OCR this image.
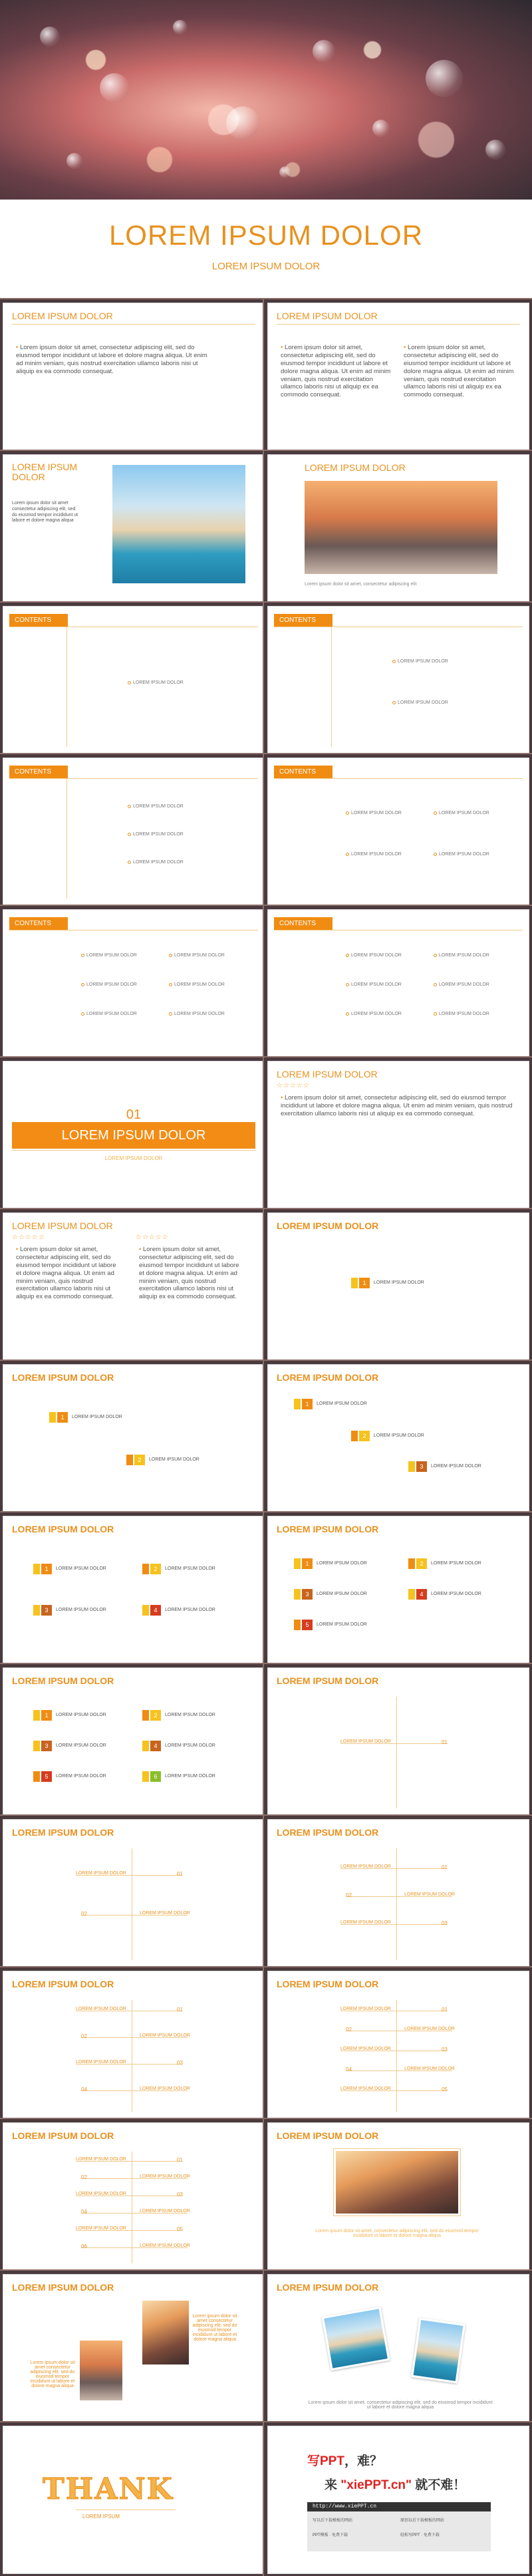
LOREM IPSUM DOLOR
LOREM IPSUM DOLOR
LOREM IPSUM DOLOR
• Lorem ipsum dolor sit amet, consectetur adipiscing elit, sed do eiusmod tempor incididunt ut labore et dolore magna aliqua. Ut enim ad minim veniam, quis nostrud exercitation ullamco laboris nisi ut aliquip ex ea commodo consequat.
LOREM IPSUM DOLOR
• Lorem ipsum dolor sit amet, consectetur adipiscing elit, sed do eiusmod tempor incididunt ut labore et dolore magna aliqua. Ut enim ad minim veniam, quis nostrud exercitation ullamco laboris nisi ut aliquip ex ea commodo consequat.
• Lorem ipsum dolor sit amet, consectetur adipiscing elit, sed do eiusmod tempor incididunt ut labore et dolore magna aliqua. Ut enim ad minim veniam, quis nostrud exercitation ullamco laboris nisi ut aliquip ex ea commodo consequat.
LOREM IPSUM DOLOR
Lorem ipsum dolor sit amet consectetur adipiscing elit, sed do eiusmod tempor incididunt ut labore et dolore magna aliqua
LOREM IPSUM DOLOR
Lorem ipsum dolor sit amet, consectetur adipiscing elit
CONTENTS
LOREM IPSUM DOLOR
CONTENTS
LOREM IPSUM DOLOR
LOREM IPSUM DOLOR
CONTENTS
LOREM IPSUM DOLOR
LOREM IPSUM DOLOR
LOREM IPSUM DOLOR
CONTENTS
LOREM IPSUM DOLOR	LOREM IPSUM DOLOR
LOREM IPSUM DOLOR	LOREM IPSUM DOLOR
CONTENTS
LOREM IPSUM DOLOR	LOREM IPSUM DOLOR
LOREM IPSUM DOLOR	LOREM IPSUM DOLOR
LOREM IPSUM DOLOR	LOREM IPSUM DOLOR
CONTENTS
LOREM IPSUM DOLOR	LOREM IPSUM DOLOR
LOREM IPSUM DOLOR	LOREM IPSUM DOLOR
LOREM IPSUM DOLOR	LOREM IPSUM DOLOR
01
LOREM IPSUM DOLOR
LOREM IPSUM DOLOR
LOREM IPSUM DOLOR
☆☆☆☆☆
• Lorem ipsum dolor sit amet, consectetur adipiscing elit, sed do eiusmod tempor incididunt ut labore et dolore magna aliqua. Ut enim ad minim veniam, quis nostrud exercitation ullamco laboris nisi ut aliquip ex ea commodo consequat.
LOREM IPSUM DOLOR
☆☆☆☆☆	☆☆☆☆☆
• Lorem ipsum dolor sit amet, consectetur adipiscing elit, sed do eiusmod tempor incididunt ut labore et dolore magna aliqua. Ut enim ad minim veniam, quis nostrud exercitation ullamco laboris nisi ut aliquip ex ea commodo consequat.
• Lorem ipsum dolor sit amet, consectetur adipiscing elit, sed do eiusmod tempor incididunt ut labore et dolore magna aliqua. Ut enim ad minim veniam, quis nostrud exercitation ullamco laboris nisi ut aliquip ex ea commodo consequat.
LOREM IPSUM DOLOR
1	LOREM IPSUM DOLOR
LOREM IPSUM DOLOR
1	LOREM IPSUM DOLOR
2	LOREM IPSUM DOLOR
LOREM IPSUM DOLOR
1	LOREM IPSUM DOLOR
2	LOREM IPSUM DOLOR
3	LOREM IPSUM DOLOR
LOREM IPSUM DOLOR
1	LOREM IPSUM DOLOR	2	LOREM IPSUM DOLOR
3	LOREM IPSUM DOLOR	4	LOREM IPSUM DOLOR
LOREM IPSUM DOLOR
1	LOREM IPSUM DOLOR	2	LOREM IPSUM DOLOR
3	LOREM IPSUM DOLOR	4	LOREM IPSUM DOLOR
5	LOREM IPSUM DOLOR
LOREM IPSUM DOLOR
1	LOREM IPSUM DOLOR	2	LOREM IPSUM DOLOR
3	LOREM IPSUM DOLOR	4	LOREM IPSUM DOLOR
5	LOREM IPSUM DOLOR	6	LOREM IPSUM DOLOR
LOREM IPSUM DOLOR
LOREM IPSUM DOLOR	01
LOREM IPSUM DOLOR
LOREM IPSUM DOLOR	01
02	LOREM IPSUM DOLOR
LOREM IPSUM DOLOR
LOREM IPSUM DOLOR	01
02	LOREM IPSUM DOLOR
LOREM IPSUM DOLOR	03
LOREM IPSUM DOLOR
LOREM IPSUM DOLOR	01
02	LOREM IPSUM DOLOR
LOREM IPSUM DOLOR	03
04	LOREM IPSUM DOLOR
LOREM IPSUM DOLOR
LOREM IPSUM DOLOR	01
02	LOREM IPSUM DOLOR
LOREM IPSUM DOLOR	03
04	LOREM IPSUM DOLOR
LOREM IPSUM DOLOR	05
LOREM IPSUM DOLOR
LOREM IPSUM DOLOR	01
02	LOREM IPSUM DOLOR
LOREM IPSUM DOLOR	03
04	LOREM IPSUM DOLOR
LOREM IPSUM DOLOR	05
06	LOREM IPSUM DOLOR
LOREM IPSUM DOLOR
Lorem ipsum dolor sit amet, consectetur adipiscing elit, sed do eiusmod tempor incididunt ut labore et dolore magna aliqua
LOREM IPSUM DOLOR
Lorem ipsum dolor sit amet consectetur adipiscing elit, sed do eiusmod tempor incididunt ut labore et dolore magna aliqua
Lorem ipsum dolor sit amet consectetur adipiscing elit, sed do eiusmod tempor incididunt ut labore et dolore magna aliqua
LOREM IPSUM DOLOR
Lorem ipsum dolor sit amet, consectetur adipiscing elit, sed do eiusmod tempor incididunt ut labore et dolore magna aliqua
THANK
LOREM IPSUM
写PPT，难？
来 "xiePPT.cn" 就不难！
http://www.xiePPT.cn
写以后下载模板的网站	原创以后下载模板的网站
PPT模板 · 免费下载	轻松写PPT · 免费下载
